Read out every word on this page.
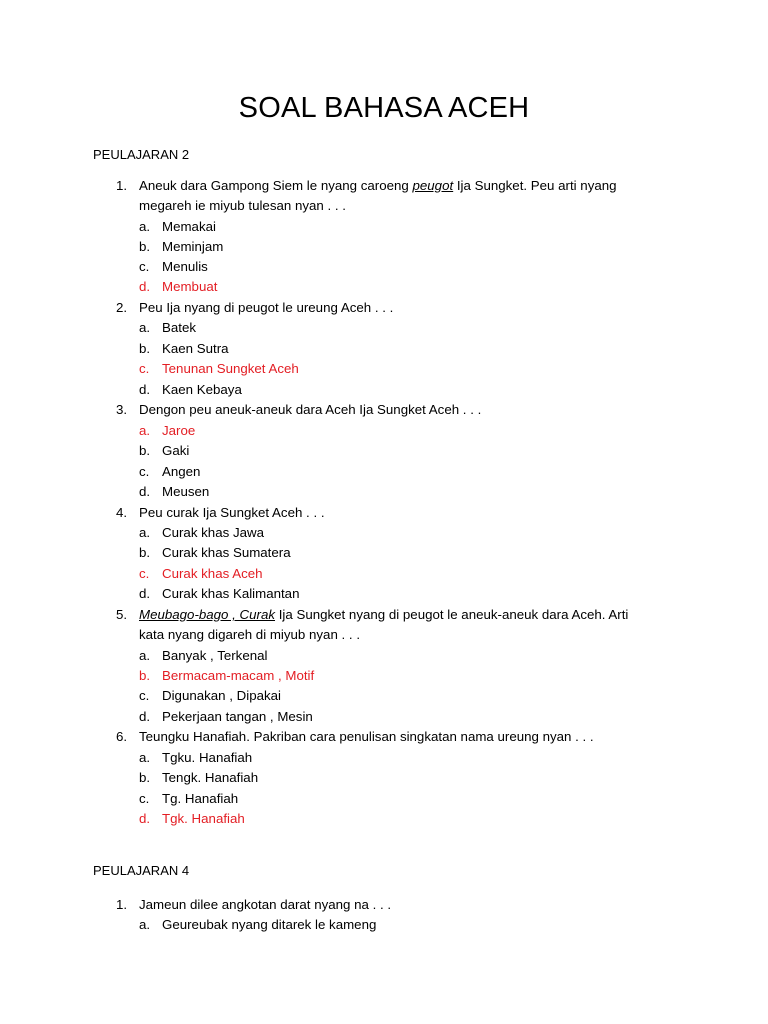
SOAL BAHASA ACEH
PEULAJARAN 2
1. Aneuk dara Gampong Siem le nyang caroeng peugot Ija Sungket. Peu arti nyang
megareh ie miyub tulesan nyan . . .
a. Memakai
b. Meminjam
c. Menulis
d. Membuat
2. Peu Ija nyang di peugot le ureung Aceh . . .
a. Batek
b. Kaen Sutra
c. Tenunan Sungket Aceh
d. Kaen Kebaya
3. Dengon peu aneuk-aneuk dara Aceh Ija Sungket Aceh . . .
a. Jaroe
b. Gaki
c. Angen
d. Meusen
4. Peu curak Ija Sungket Aceh . . .
a. Curak khas Jawa
b. Curak khas Sumatera
c. Curak khas Aceh
d. Curak khas Kalimantan
5. Meubago-bago , Curak Ija Sungket nyang di peugot le aneuk-aneuk dara Aceh. Arti
kata nyang digareh di miyub nyan . . .
a. Banyak , Terkenal
b. Bermacam-macam , Motif
c. Digunakan , Dipakai
d. Pekerjaan tangan , Mesin
6. Teungku Hanafiah. Pakriban cara penulisan singkatan nama ureung nyan . . .
a. Tgku. Hanafiah
b. Tengk. Hanafiah
c. Tg. Hanafiah
d. Tgk. Hanafiah
PEULAJARAN 4
1. Jameun dilee angkotan darat nyang na . . .
a. Geureubak nyang ditarek le kameng
